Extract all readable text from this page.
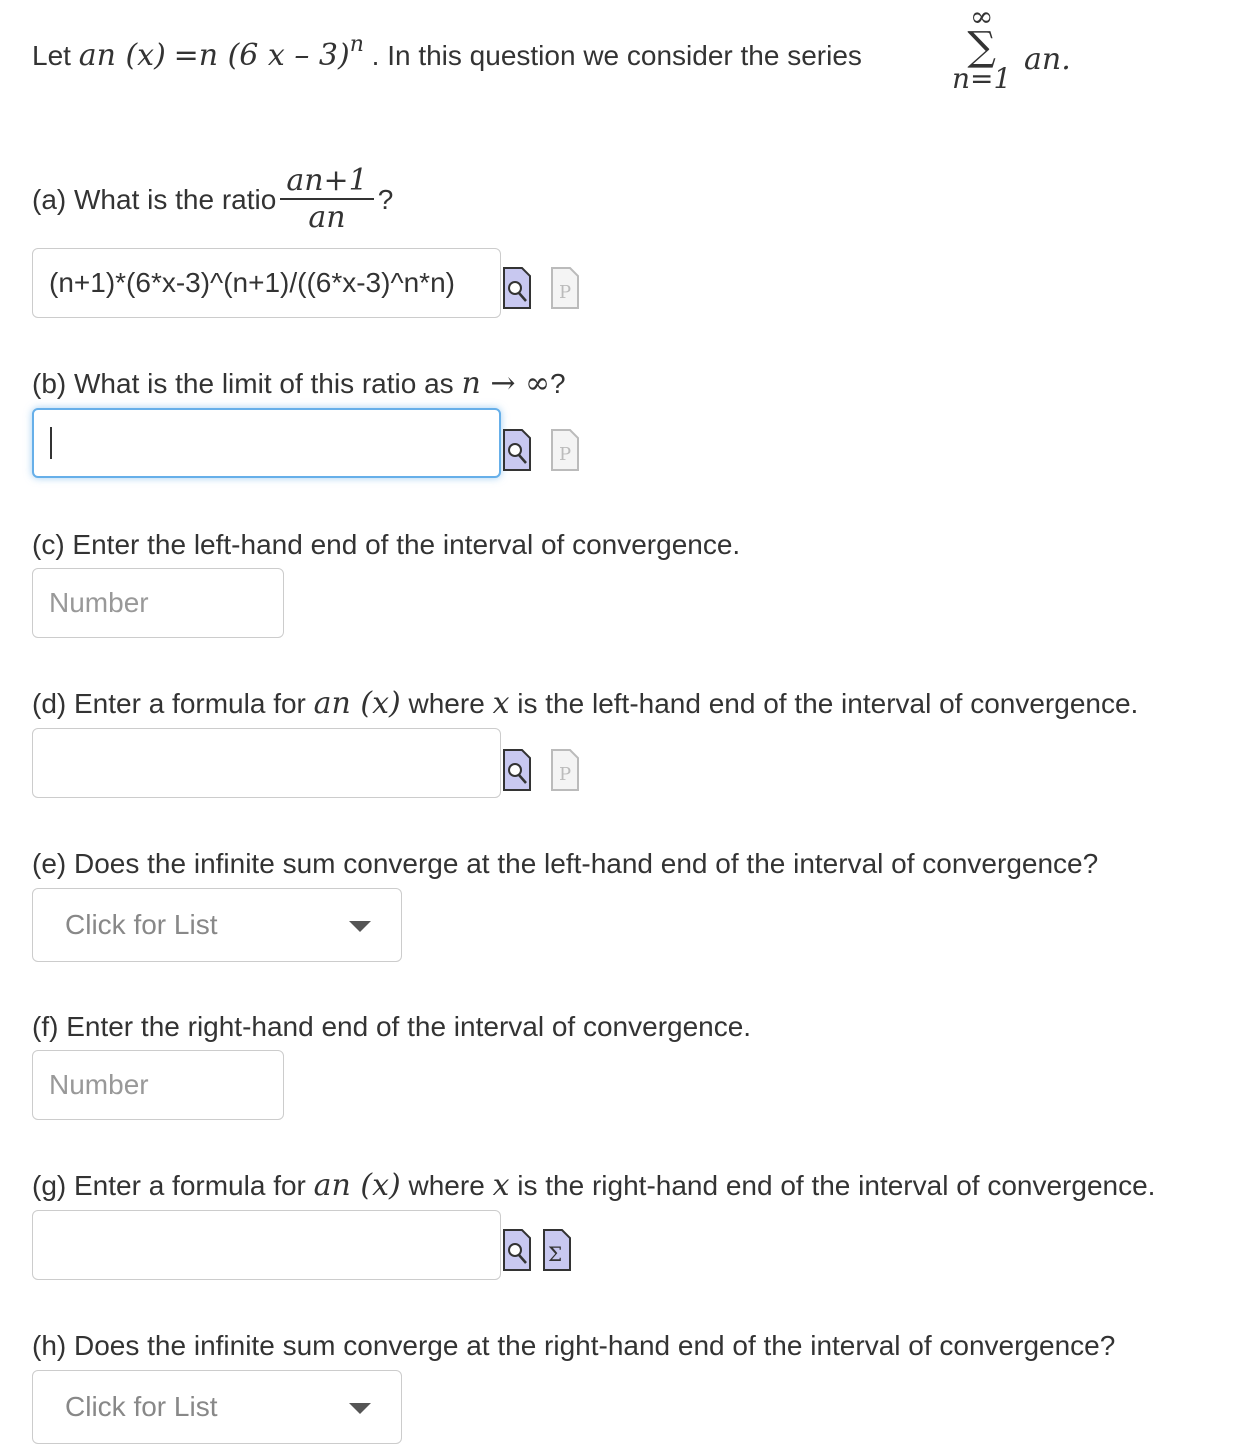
Let an (x) =n (6 x – 3)$^n$ . In this question we consider the series
∞
∑
n=1
an.
(a) What is the ratio $\frac{an+1}{an}$ ?
(n+1)*(6*x-3)^(n+1)/((6*x-3)^n*n)	P
(b) What is the limit of this ratio as n → ∞?
P
(c) Enter the left-hand end of the interval of convergence.
Number
(d) Enter a formula for an (x) where x is the left-hand end of the interval of convergence.
P
(e) Does the infinite sum converge at the left-hand end of the interval of convergence?
Click for List
(f) Enter the right-hand end of the interval of convergence.
Number
(g) Enter a formula for an (x) where x is the right-hand end of the interval of convergence.
Σ
(h) Does the infinite sum converge at the right-hand end of the interval of convergence?
Click for List
